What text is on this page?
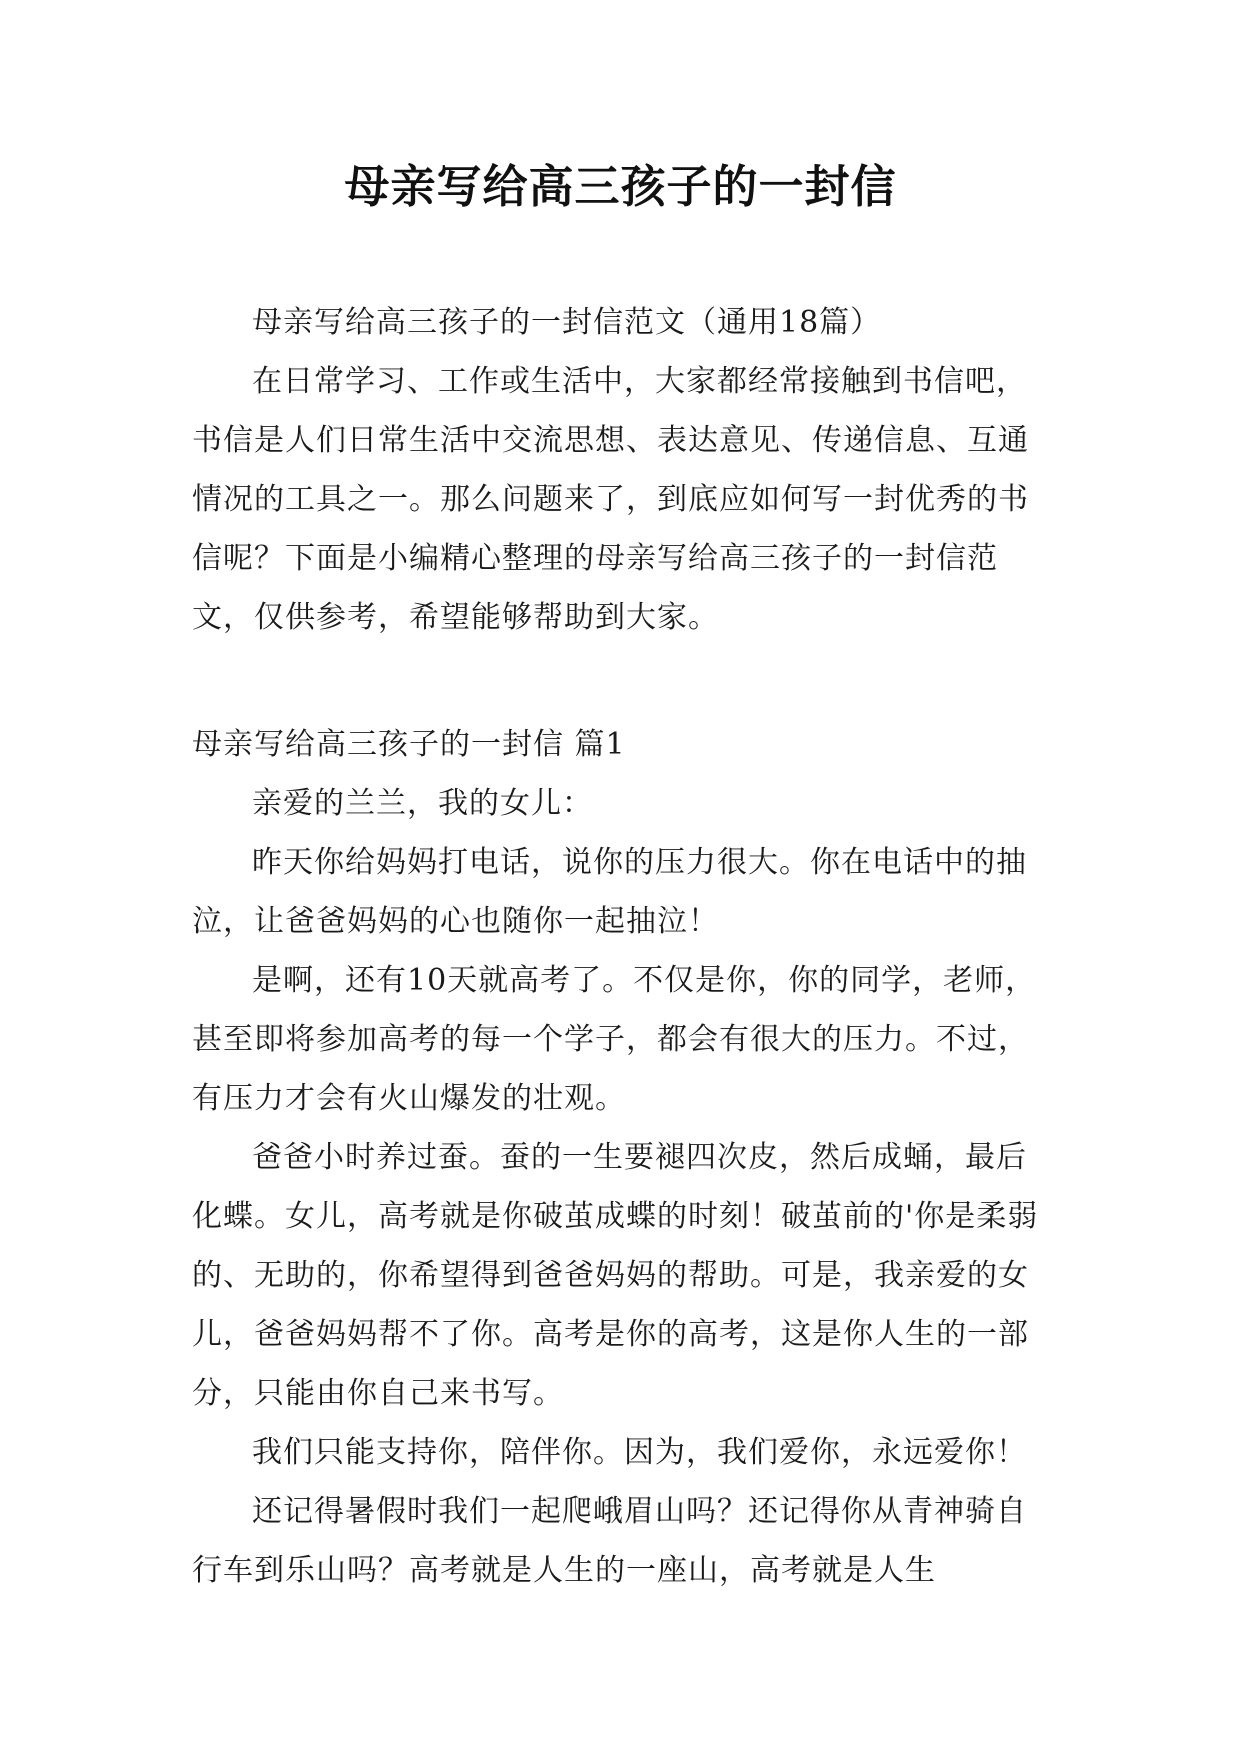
母亲写给高三孩子的一封信

母亲写给高三孩子的一封信范文（通用18篇）

在日常学习、工作或生活中，大家都经常接触到书信吧，书信是人们日常生活中交流思想、表达意见、传递信息、互通情况的工具之一。那么问题来了，到底应如何写一封优秀的书信呢？下面是小编精心整理的母亲写给高三孩子的一封信范文，仅供参考，希望能够帮助到大家。

母亲写给高三孩子的一封信 篇1

亲爱的兰兰，我的女儿：

昨天你给妈妈打电话，说你的压力很大。你在电话中的抽泣，让爸爸妈妈的心也随你一起抽泣！

是啊，还有10天就高考了。不仅是你，你的同学，老师，甚至即将参加高考的每一个学子，都会有很大的压力。不过，有压力才会有火山爆发的壮观。

爸爸小时养过蚕。蚕的一生要褪四次皮，然后成蛹，最后化蝶。女儿，高考就是你破茧成蝶的时刻！破茧前的'你是柔弱的、无助的，你希望得到爸爸妈妈的帮助。可是，我亲爱的女儿，爸爸妈妈帮不了你。高考是你的高考，这是你人生的一部分，只能由你自己来书写。

我们只能支持你，陪伴你。因为，我们爱你，永远爱你！

还记得暑假时我们一起爬峨眉山吗？还记得你从青神骑自行车到乐山吗？高考就是人生的一座山，高考就是人生
